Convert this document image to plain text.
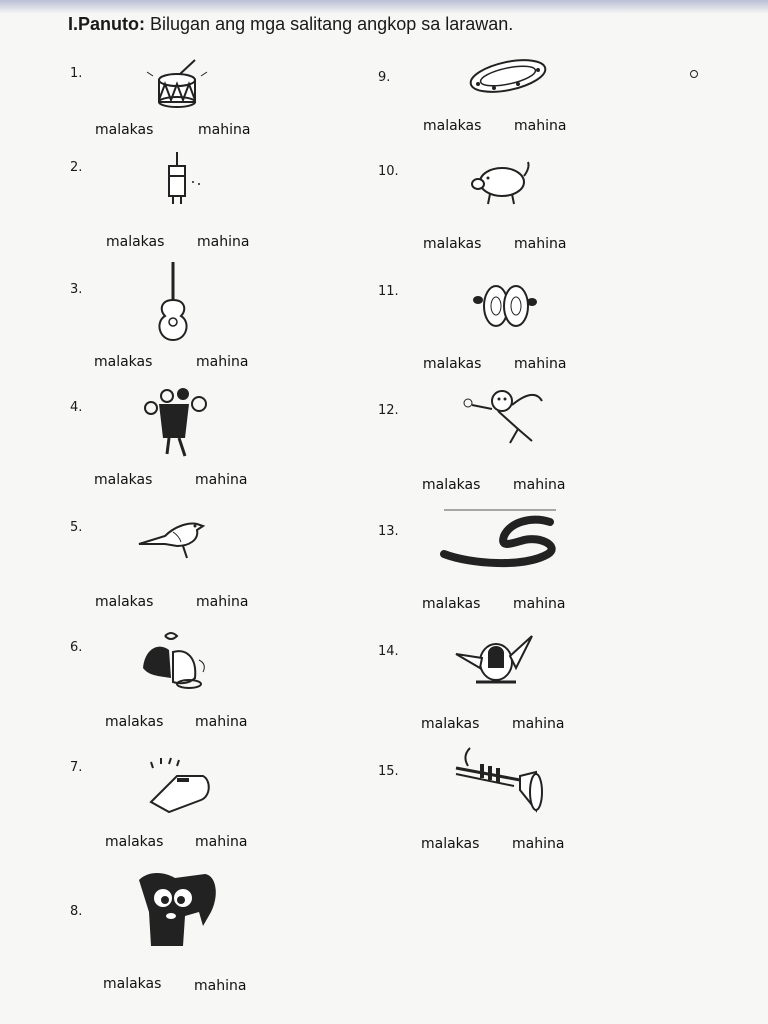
I.Panuto: Bilugan ang mga salitang angkop sa larawan.
1.
malakas	mahina
2.
malakas mahina
3.
malakas	mahina
4.
malakas	mahina
5.
malakas	mahina
6.
malakas mahina
7.
malakas mahina
8.
malakas mahina
9.
malakas mahina
10.
malakas mahina
11.
malakas mahina
12.
malakas mahina
13.
malakas mahina
14.
malakas mahina
15.
malakas mahina
